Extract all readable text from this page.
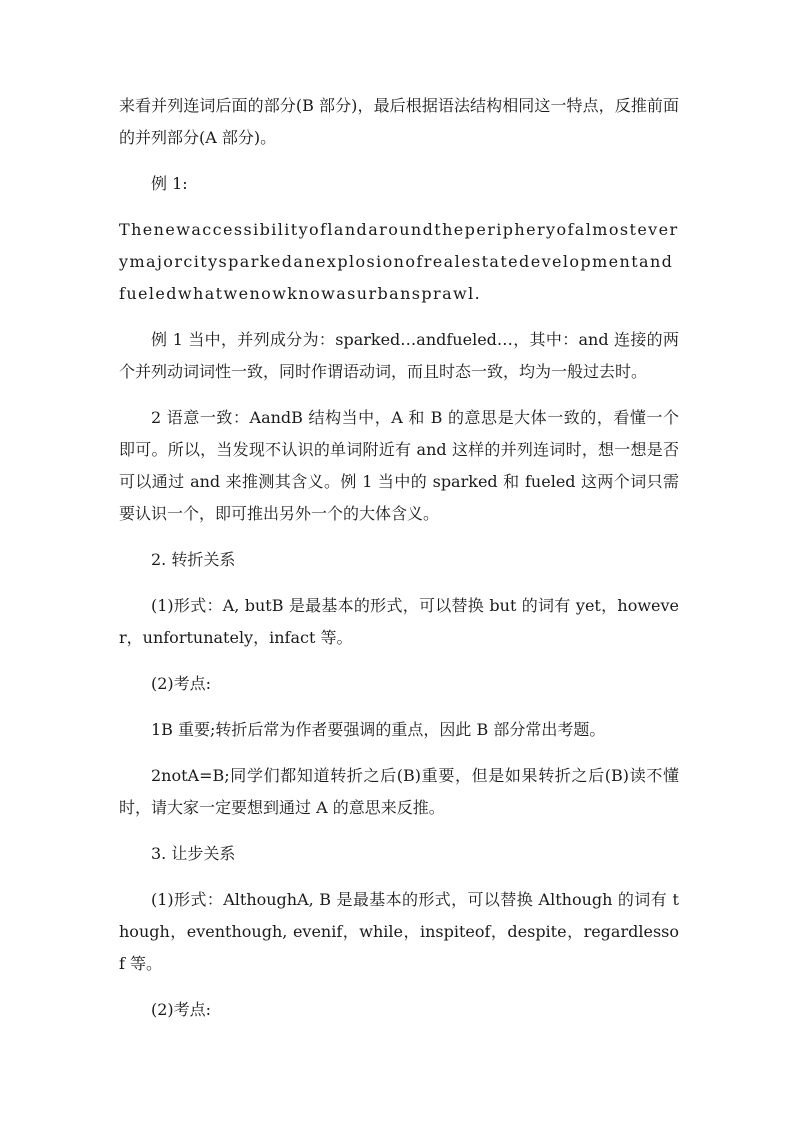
来看并列连词后面的部分(B 部分)，最后根据语法结构相同这一特点，反推前面的并列部分(A 部分)。

例 1:

Thenewaccessibilityoflandaroundtheperipheryofalmosteverymajorcitysparkedanexplosionofrealestatedevelopmentandfueledwhatwenowknowasurbansprawl.

例 1 当中，并列成分为：sparked…andfueled…，其中：and 连接的两个并列动词词性一致，同时作谓语动词，而且时态一致，均为一般过去时。

2 语意一致：AandB 结构当中，A 和 B 的意思是大体一致的，看懂一个即可。所以，当发现不认识的单词附近有 and 这样的并列连词时，想一想是否可以通过 and 来推测其含义。例 1 当中的 sparked 和 fueled 这两个词只需要认识一个，即可推出另外一个的大体含义。

2. 转折关系

(1)形式：A, butB 是最基本的形式，可以替换 but 的词有 yet，however，unfortunately，infact 等。

(2)考点:

1B 重要;转折后常为作者要强调的重点，因此 B 部分常出考题。

2notA=B;同学们都知道转折之后(B)重要，但是如果转折之后(B)读不懂时，请大家一定要想到通过 A 的意思来反推。

3. 让步关系

(1)形式：AlthoughA, B 是最基本的形式，可以替换 Although 的词有 though，eventhough, evenif，while，inspiteof，despite，regardlessof 等。

(2)考点:
